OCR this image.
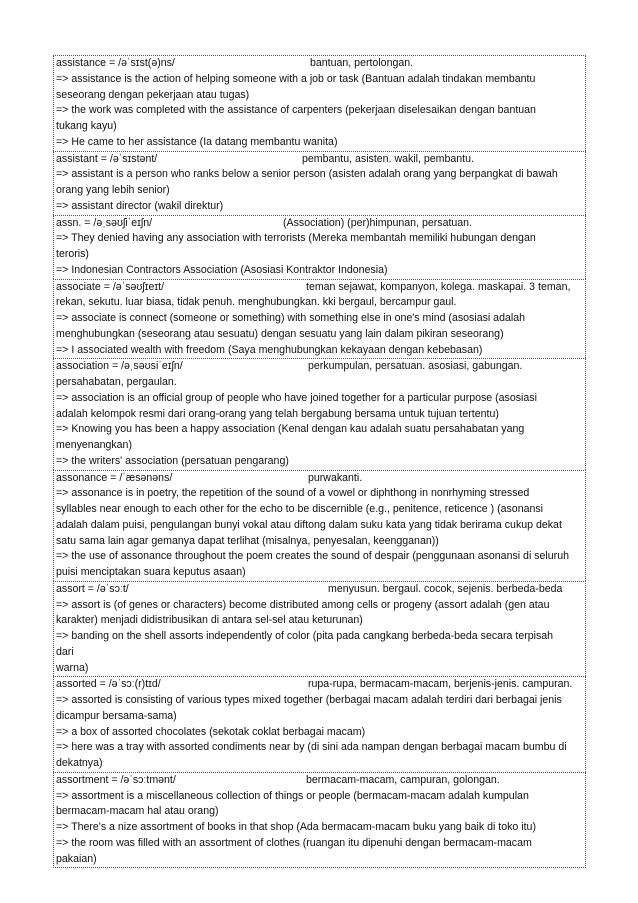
assistance = /əˈsɪst(ə)ns/	bantuan, pertolongan.
=> assistance is the action of helping someone with a job or task (Bantuan adalah tindakan membantu
seseorang dengan pekerjaan atau tugas)
=> the work was completed with the assistance of carpenters (pekerjaan diselesaikan dengan bantuan
tukang kayu)
=> He came to her assistance (Ia datang membantu wanita)
assistant = /əˈsɪstənt/	pembantu, asisten. wakil, pembantu.
=> assistant is a person who ranks below a senior person (asisten adalah orang yang berpangkat di bawah
orang yang lebih senior)
=> assistant director (wakil direktur)
assn. = /əˌsəʊʃiˈeɪʃn/	(Association) (per)himpunan, persatuan.
=> They denied having any association with terrorists (Mereka membantah memiliki hubungan dengan
teroris)
=> Indonesian Contractors Association (Asosiasi Kontraktor Indonesia)
associate = /əˈsəʊʃɪeɪt/	teman sejawat, kompanyon, kolega. maskapai. 3 teman,
rekan, sekutu. luar biasa, tidak penuh. menghubungkan. kki bergaul, bercampur gaul.
=> associate is connect (someone or something) with something else in one's mind (asosiasi adalah
menghubungkan (seseorang atau sesuatu) dengan sesuatu yang lain dalam pikiran seseorang)
=> I associated wealth with freedom (Saya menghubungkan kekayaan dengan kebebasan)
association = /əˌsəʊsiˈeɪʃn/	perkumpulan, persatuan. asosiasi, gabungan.
persahabatan, pergaulan.
=> association is an official group of people who have joined together for a particular purpose (asosiasi
adalah kelompok resmi dari orang-orang yang telah bergabung bersama untuk tujuan tertentu)
=> Knowing you has been a happy association (Kenal dengan kau adalah suatu persahabatan yang
menyenangkan)
=> the writers' association (persatuan pengarang)
assonance = /ˈæsənəns/	purwakanti.
=> assonance is in poetry, the repetition of the sound of a vowel or diphthong in nonrhyming stressed
syllables near enough to each other for the echo to be discernible (e.g., penitence, reticence ) (asonansi
adalah dalam puisi, pengulangan bunyi vokal atau diftong dalam suku kata yang tidak berirama cukup dekat
satu sama lain agar gemanya dapat terlihat (misalnya, penyesalan, keengganan))
=> the use of assonance throughout the poem creates the sound of despair (penggunaan asonansi di seluruh
puisi menciptakan suara keputus asaan)
assort = /əˈsɔːt/	menyusun. bergaul. cocok, sejenis. berbeda-beda
=> assort is (of genes or characters) become distributed among cells or progeny (assort adalah (gen atau
karakter) menjadi didistribusikan di antara sel-sel atau keturunan)
=> banding on the shell assorts independently of color (pita pada cangkang berbeda-beda secara terpisah
dari
warna)
assorted = /əˈsɔː(r)tɪd/	rupa-rupa, bermacam-macam, berjenis-jenis. campuran.
=> assorted is consisting of various types mixed together (berbagai macam adalah terdiri dari berbagai jenis
dicampur bersama-sama)
=> a box of assorted chocolates (sekotak coklat berbagai macam)
=> here was a tray with assorted condiments near by (di sini ada nampan dengan berbagai macam bumbu di
dekatnya)
assortment = /əˈsɔːtmənt/	bermacam-macam, campuran, golongan.
=> assortment is a miscellaneous collection of things or people (bermacam-macam adalah kumpulan
bermacam-macam hal atau orang)
=> There's a nize assortment of books in that shop (Ada bermacam-macam buku yang baik di toko itu)
=> the room was filled with an assortment of clothes (ruangan itu dipenuhi dengan bermacam-macam
pakaian)
